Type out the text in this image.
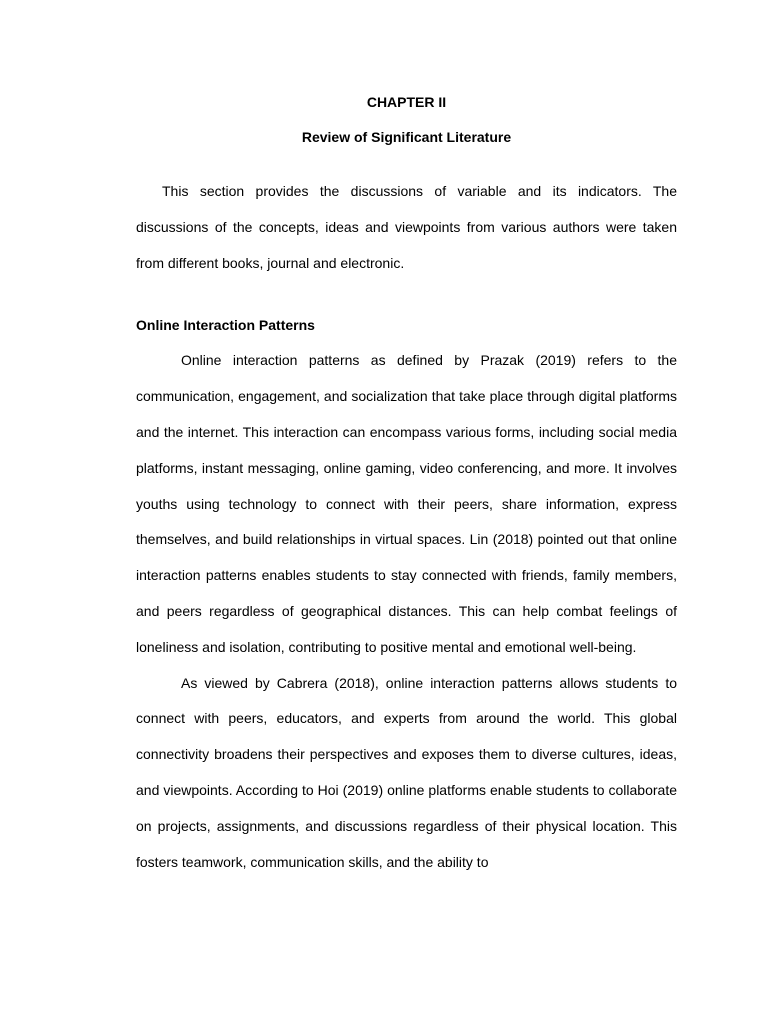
CHAPTER II

Review of Significant Literature

This section provides the discussions of variable and its indicators. The discussions of the concepts, ideas and viewpoints from various authors were taken from different books, journal and electronic.

Online Interaction Patterns

Online interaction patterns as defined by Prazak (2019) refers to the communication, engagement, and socialization that take place through digital platforms and the internet. This interaction can encompass various forms, including social media platforms, instant messaging, online gaming, video conferencing, and more. It involves youths using technology to connect with their peers, share information, express themselves, and build relationships in virtual spaces. Lin (2018) pointed out that online interaction patterns enables students to stay connected with friends, family members, and peers regardless of geographical distances. This can help combat feelings of loneliness and isolation, contributing to positive mental and emotional well-being.

As viewed by Cabrera (2018), online interaction patterns allows students to connect with peers, educators, and experts from around the world. This global connectivity broadens their perspectives and exposes them to diverse cultures, ideas, and viewpoints. According to Hoi (2019) online platforms enable students to collaborate on projects, assignments, and discussions regardless of their physical location. This fosters teamwork, communication skills, and the ability to
